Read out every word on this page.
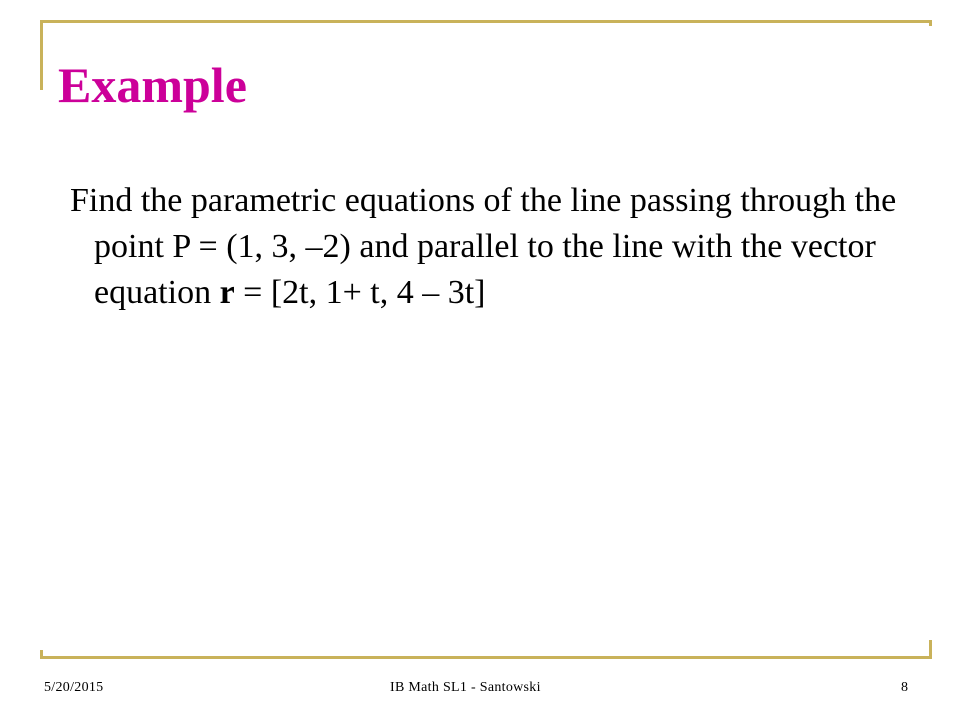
Example

Find the parametric equations of the line passing through the point P = (1, 3, –2) and parallel to the line with the vector equation r = [2t, 1+ t, 4 – 3t]

5/20/2015	IB Math SL1 - Santowski	8
